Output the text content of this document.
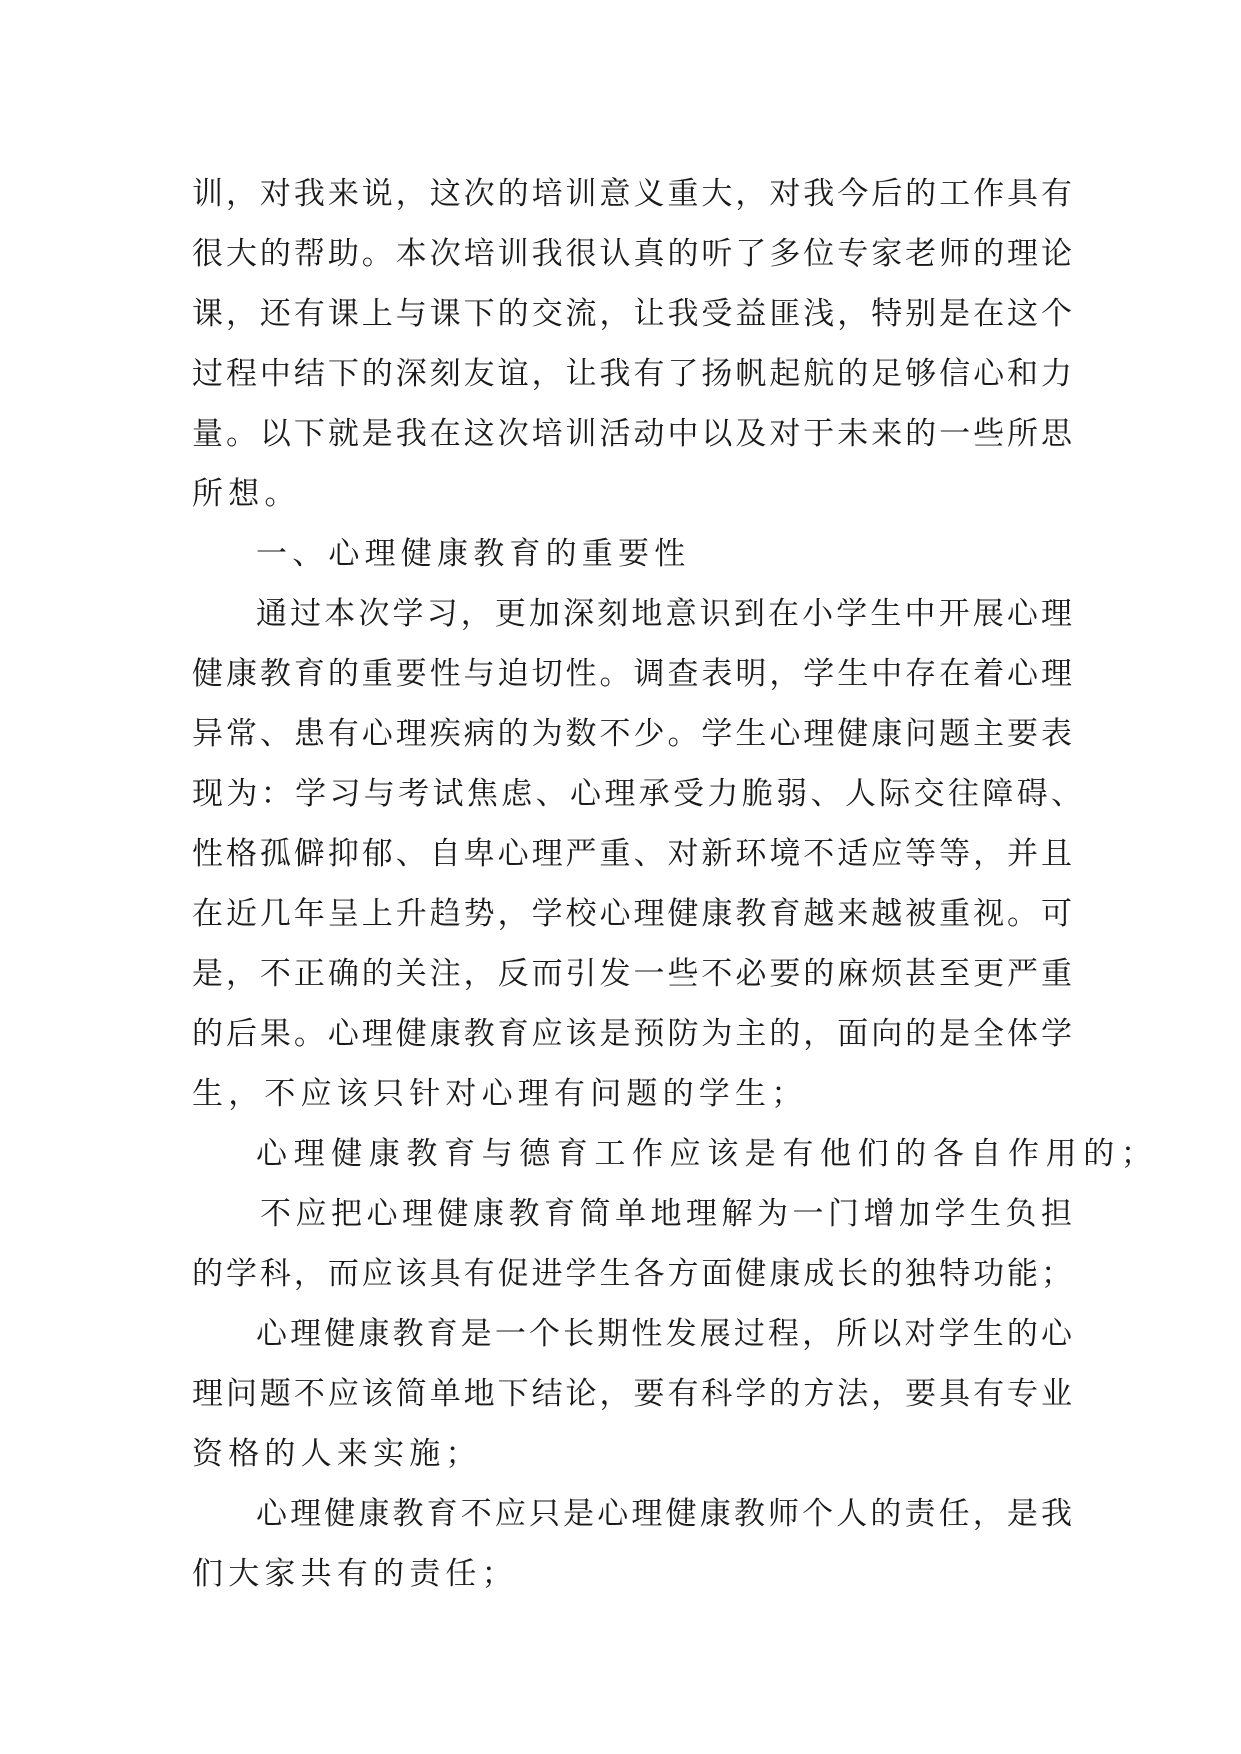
训，对我来说，这次的培训意义重大，对我今后的工作具有
很大的帮助。本次培训我很认真的听了多位专家老师的理论
课，还有课上与课下的交流，让我受益匪浅，特别是在这个
过程中结下的深刻友谊，让我有了扬帆起航的足够信心和力
量。以下就是我在这次培训活动中以及对于未来的一些所思
所想。
一、心理健康教育的重要性
通过本次学习，更加深刻地意识到在小学生中开展心理
健康教育的重要性与迫切性。调查表明，学生中存在着心理
异常、患有心理疾病的为数不少。学生心理健康问题主要表
现为：学习与考试焦虑、心理承受力脆弱、人际交往障碍、
性格孤僻抑郁、自卑心理严重、对新环境不适应等等，并且
在近几年呈上升趋势，学校心理健康教育越来越被重视。可
是，不正确的关注，反而引发一些不必要的麻烦甚至更严重
的后果。心理健康教育应该是预防为主的，面向的是全体学
生，不应该只针对心理有问题的学生；
心理健康教育与德育工作应该是有他们的各自作用的；
不应把心理健康教育简单地理解为一门增加学生负担
的学科，而应该具有促进学生各方面健康成长的独特功能；
心理健康教育是一个长期性发展过程，所以对学生的心
理问题不应该简单地下结论，要有科学的方法，要具有专业
资格的人来实施；
心理健康教育不应只是心理健康教师个人的责任，是我
们大家共有的责任；
